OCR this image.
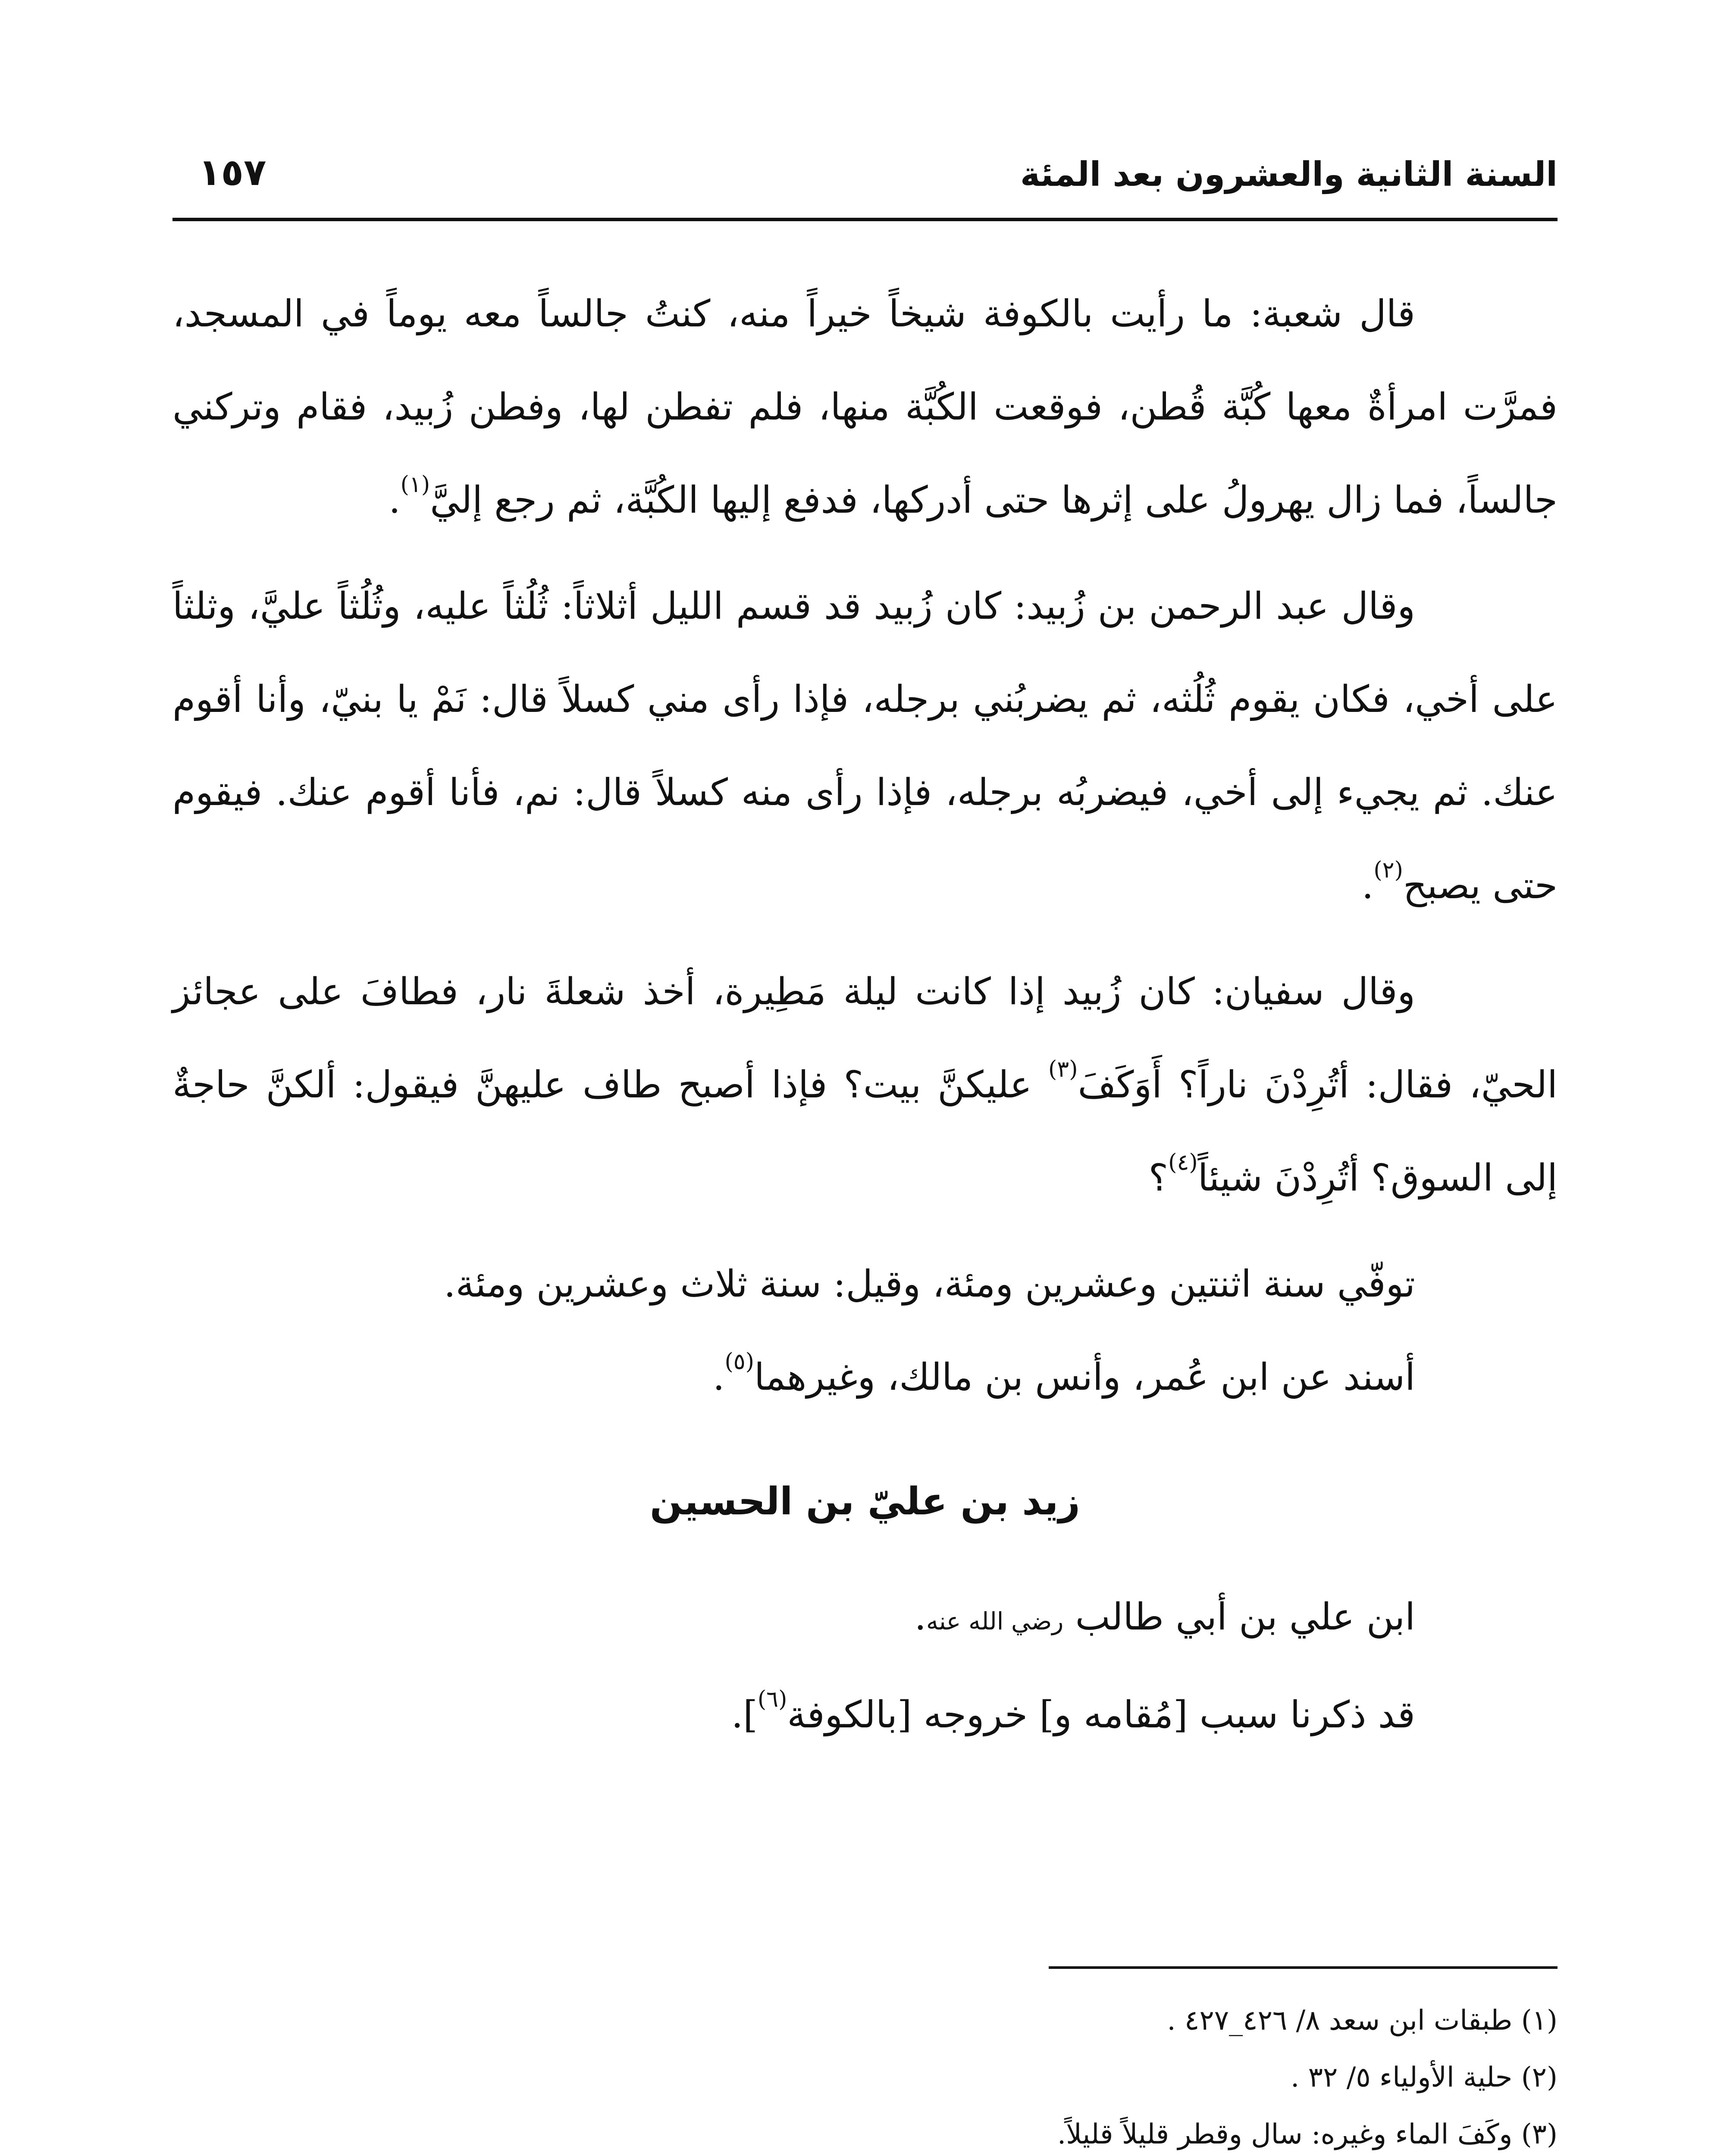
السنة الثانية والعشرون بعد المئة
١٥٧

قال شعبة: ما رأيت بالكوفة شيخاً خيراً منه، كنتُ جالساً معه يوماً في المسجد، فمرَّت امرأةٌ معها كُبَّة قُطن، فوقعت الكُبَّة منها، فلم تفطن لها، وفطن زُبيد، فقام وتركني جالساً، فما زال يهرولُ على إثرها حتى أدركها، فدفع إليها الكُبَّة، ثم رجع إليَّ$^{(١)}$.

وقال عبد الرحمن بن زُبيد: كان زُبيد قد قسم الليل أثلاثاً: ثُلُثاً عليه، وثُلُثاً عليَّ، وثلثاً على أخي، فكان يقوم ثُلُثه، ثم يضربُني برجله، فإذا رأى مني كسلاً قال: نَمْ يا بنيّ، وأنا أقوم عنك. ثم يجيء إلى أخي، فيضربُه برجله، فإذا رأى منه كسلاً قال: نم، فأنا أقوم عنك. فيقوم حتى يصبح$^{(٢)}$.

وقال سفيان: كان زُبيد إذا كانت ليلة مَطِيرة، أخذ شعلةَ نار، فطافَ على عجائز الحيّ، فقال: أتُرِدْنَ ناراً؟ أَوَكَفَ$^{(٣)}$ عليكنَّ بيت؟ فإذا أصبح طاف عليهنَّ فيقول: ألكنَّ حاجةٌ إلى السوق؟ أتُرِدْنَ شيئاً$^{(٤)}$؟

توفّي سنة اثنتين وعشرين ومئة، وقيل: سنة ثلاث وعشرين ومئة.

أسند عن ابن عُمر، وأنس بن مالك، وغيرهما$^{(٥)}$.

زيد بن عليّ بن الحسين

ابن علي بن أبي طالب رضي الله عنه.

قد ذكرنا سبب [مُقامه و] خروجه [بالكوفة$^{(٦)}$].

(١) طبقات ابن سعد ٨/ ٤٢٦_٤٢٧ .

(٢) حلية الأولياء ٥/ ٣٢ .

(٣) وكَفَ الماء وغيره: سال وقطر قليلاً قليلاً.
